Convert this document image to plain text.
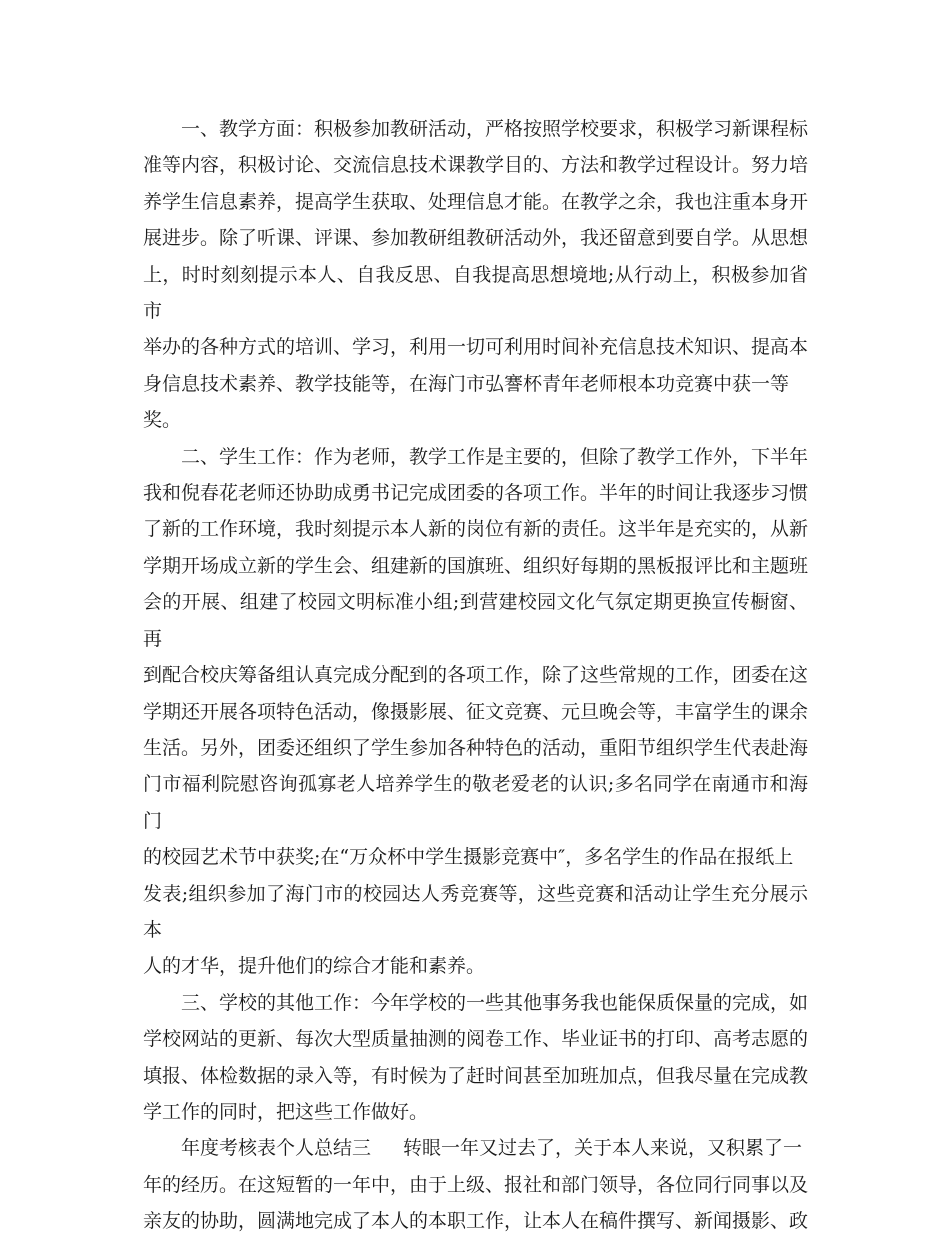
一、教学方面：积极参加教研活动，严格按照学校要求，积极学习新课程标
准等内容，积极讨论、交流信息技术课教学目的、方法和教学过程设计。努力培
养学生信息素养，提高学生获取、处理信息才能。在教学之余，我也注重本身开
展进步。除了听课、评课、参加教研组教研活动外，我还留意到要自学。从思想
上，时时刻刻提示本人、自我反思、自我提高思想境地;从行动上，积极参加省市
举办的各种方式的培训、学习，利用一切可利用时间补充信息技术知识、提高本
身信息技术素养、教学技能等，在海门市弘謇杯青年老师根本功竞赛中获一等
奖。

二、学生工作：作为老师，教学工作是主要的，但除了教学工作外，下半年
我和倪春花老师还协助成勇书记完成团委的各项工作。半年的时间让我逐步习惯
了新的工作环境，我时刻提示本人新的岗位有新的责任。这半年是充实的，从新
学期开场成立新的学生会、组建新的国旗班、组织好每期的黑板报评比和主题班
会的开展、组建了校园文明标准小组;到营建校园文化气氛定期更换宣传橱窗、再
到配合校庆筹备组认真完成分配到的各项工作，除了这些常规的工作，团委在这
学期还开展各项特色活动，像摄影展、征文竞赛、元旦晚会等，丰富学生的课余
生活。另外，团委还组织了学生参加各种特色的活动，重阳节组织学生代表赴海
门市福利院慰咨询孤寡老人培养学生的敬老爱老的认识;多名同学在南通市和海门
的校园艺术节中获奖;在“万众杯中学生摄影竞赛中″，多名学生的作品在报纸上
发表;组织参加了海门市的校园达人秀竞赛等，这些竞赛和活动让学生充分展示本
人的才华，提升他们的综合才能和素养。

三、学校的其他工作：今年学校的一些其他事务我也能保质保量的完成，如
学校网站的更新、每次大型质量抽测的阅卷工作、毕业证书的打印、高考志愿的
填报、体检数据的录入等，有时候为了赶时间甚至加班加点，但我尽量在完成教
学工作的同时，把这些工作做好。

年度考核表个人总结三 转眼一年又过去了，关于本人来说，又积累了一
年的经历。在这短暂的一年中，由于上级、报社和部门领导，各位同行同事以及
亲友的协助，圆满地完成了本人的本职工作，让本人在稿件撰写、新闻摄影、政
